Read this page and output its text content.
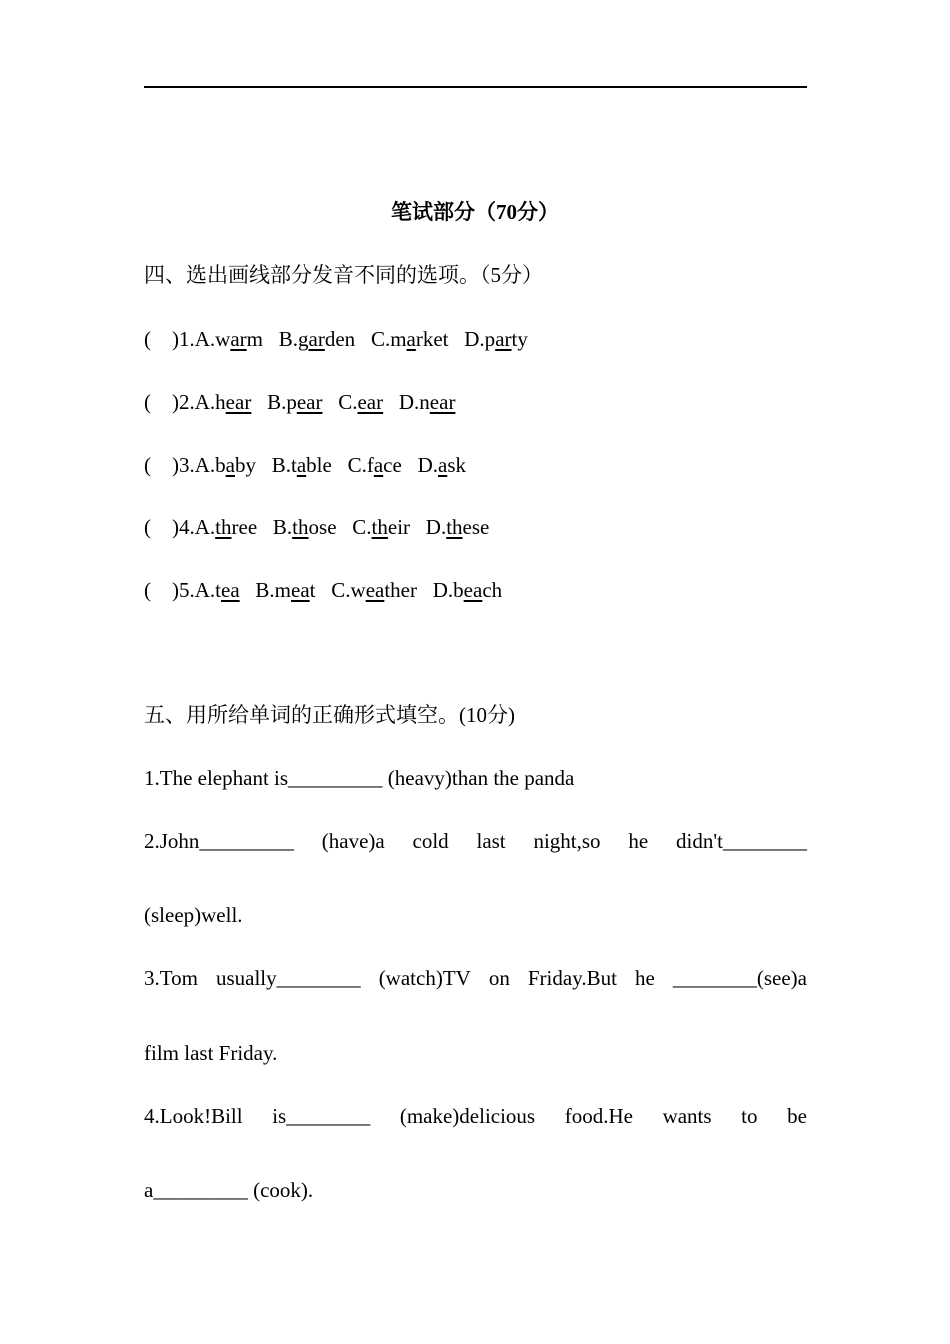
笔试部分（70分）
四、选出画线部分发音不同的选项。（5分）
(    )1.A.warm B.garden C.market D.party
(    )2.A.hear B.pear C.ear D.near
(    )3.A.baby B.table C.face D.ask
(    )4.A.three B.those C.their D.these
(    )5.A.tea B.meat C.weather D.beach
五、用所给单词的正确形式填空。(10分)
1.The elephant is_________ (heavy)than the panda
2.John_________ (have)a cold last night,so he didn't________
(sleep)well.
3.Tom usually________ (watch)TV on Friday.But he ________(see)a
film last Friday.
4.Look!Bill is________ (make)delicious food.He wants to be
a_________ (cook).
